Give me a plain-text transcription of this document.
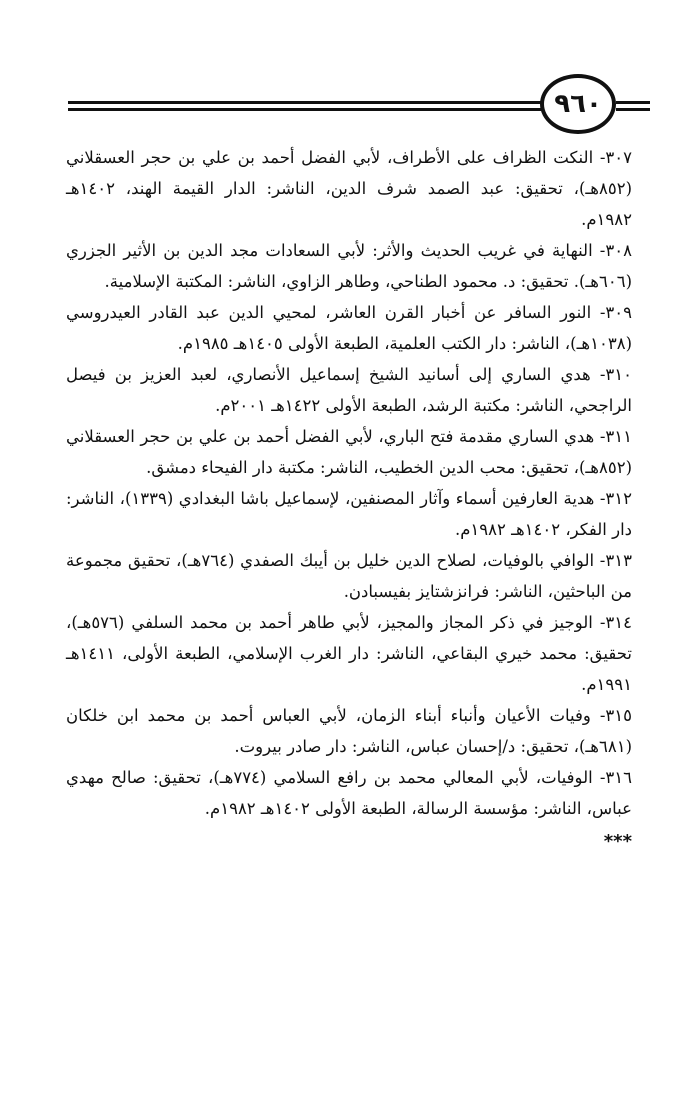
٩٦٠

٣٠٧- النكت الظراف على الأطراف، لأبي الفضل أحمد بن علي بن حجر العسقلاني (٨٥٢هـ)، تحقيق: عبد الصمد شرف الدين، الناشر: الدار القيمة الهند، ١٤٠٢هـ ١٩٨٢م.

٣٠٨- النهاية في غريب الحديث والأثر: لأبي السعادات مجد الدين بن الأثير الجزري (٦٠٦هـ). تحقيق: د. محمود الطناحي، وطاهر الزاوي، الناشر: المكتبة الإسلامية.

٣٠٩- النور السافر عن أخبار القرن العاشر، لمحيي الدين عبد القادر العيدروسي (١٠٣٨هـ)، الناشر: دار الكتب العلمية، الطبعة الأولى ١٤٠٥هـ ١٩٨٥م.

٣١٠- هدي الساري إلى أسانيد الشيخ إسماعيل الأنصاري، لعبد العزيز بن فيصل الراجحي، الناشر: مكتبة الرشد، الطبعة الأولى ١٤٢٢هـ ٢٠٠١م.

٣١١- هدي الساري مقدمة فتح الباري، لأبي الفضل أحمد بن علي بن حجر العسقلاني (٨٥٢هـ)، تحقيق: محب الدين الخطيب، الناشر: مكتبة دار الفيحاء دمشق.

٣١٢- هدية العارفين أسماء وآثار المصنفين، لإسماعيل باشا البغدادي (١٣٣٩)، الناشر: دار الفكر، ١٤٠٢هـ ١٩٨٢م.

٣١٣- الوافي بالوفيات، لصلاح الدين خليل بن أيبك الصفدي (٧٦٤هـ)، تحقيق مجموعة من الباحثين، الناشر: فرانزشتايز بفيسبادن.

٣١٤- الوجيز في ذكر المجاز والمجيز، لأبي طاهر أحمد بن محمد السلفي (٥٧٦هـ)، تحقيق: محمد خيري البقاعي، الناشر: دار الغرب الإسلامي، الطبعة الأولى، ١٤١١هـ ١٩٩١م.

٣١٥- وفيات الأعيان وأنباء أبناء الزمان، لأبي العباس أحمد بن محمد ابن خلكان (٦٨١هـ)، تحقيق: د/إحسان عباس، الناشر: دار صادر بيروت.

٣١٦- الوفيات، لأبي المعالي محمد بن رافع السلامي (٧٧٤هـ)، تحقيق: صالح مهدي عباس، الناشر: مؤسسة الرسالة، الطبعة الأولى ١٤٠٢هـ ١٩٨٢م.

***
